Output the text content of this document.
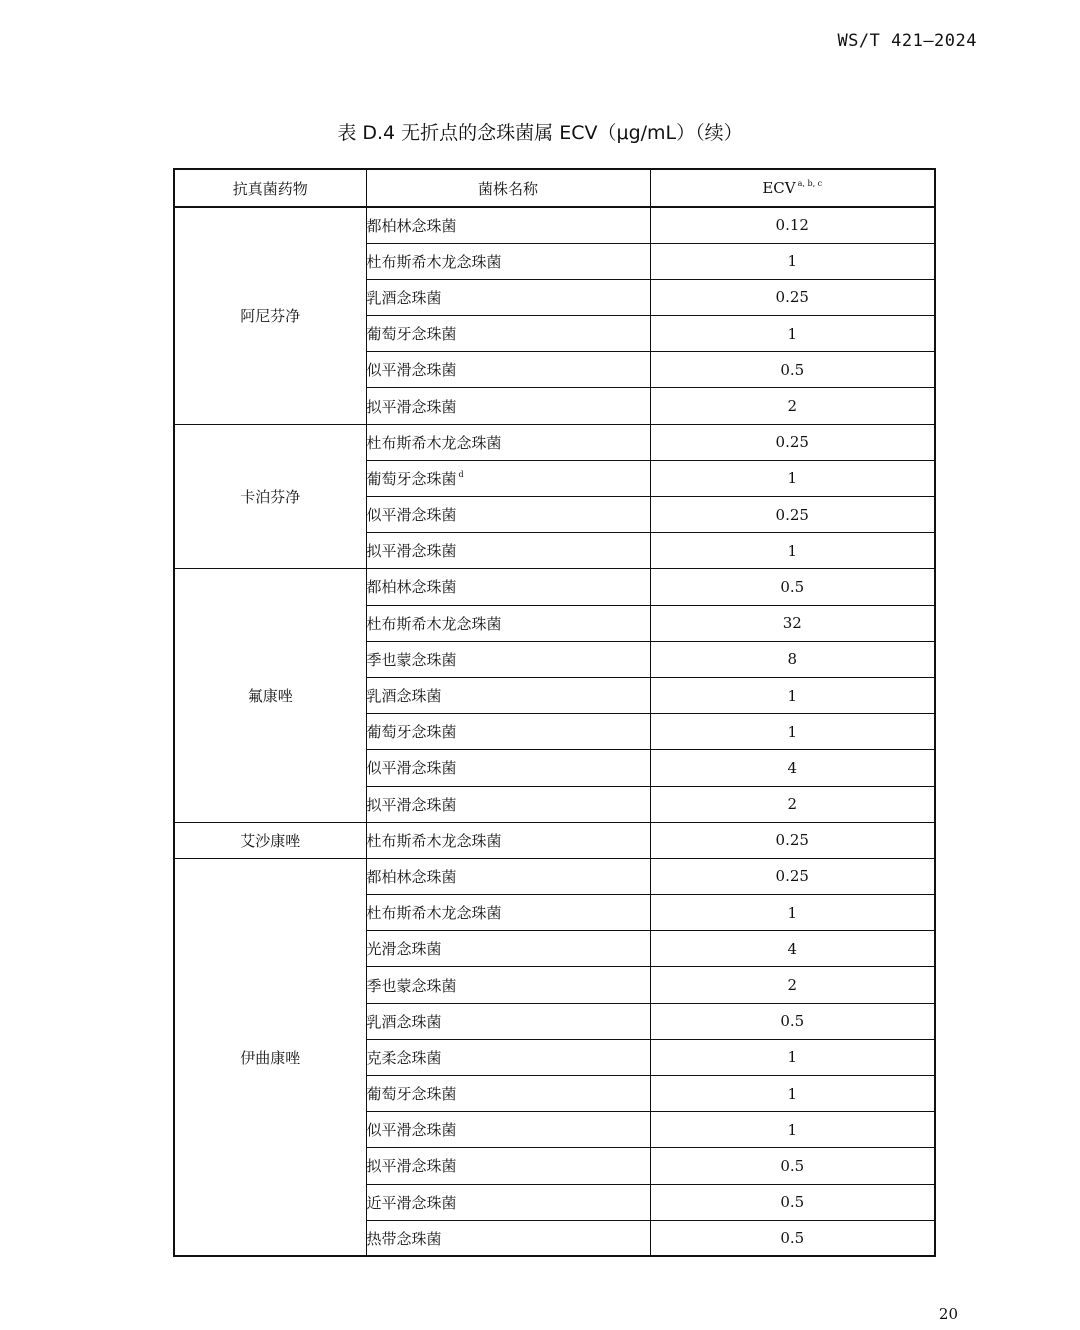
WS/T 421—2024
表 D.4 无折点的念珠菌属 ECV（μg/mL）（续）
抗真菌药物	菌株名称	ECV $^{a, b, c}$
阿尼芬净	都柏林念珠菌	0.12
	杜布斯希木龙念珠菌	1
	乳酒念珠菌	0.25
	葡萄牙念珠菌	1
	似平滑念珠菌	0.5
	拟平滑念珠菌	2
卡泊芬净	杜布斯希木龙念珠菌	0.25
	葡萄牙念珠菌 $^d$	1
	似平滑念珠菌	0.25
	拟平滑念珠菌	1
氟康唑	都柏林念珠菌	0.5
	杜布斯希木龙念珠菌	32
	季也蒙念珠菌	8
	乳酒念珠菌	1
	葡萄牙念珠菌	1
	似平滑念珠菌	4
	拟平滑念珠菌	2
艾沙康唑	杜布斯希木龙念珠菌	0.25
伊曲康唑	都柏林念珠菌	0.25
	杜布斯希木龙念珠菌	1
	光滑念珠菌	4
	季也蒙念珠菌	2
	乳酒念珠菌	0.5
	克柔念珠菌	1
	葡萄牙念珠菌	1
	似平滑念珠菌	1
	拟平滑念珠菌	0.5
	近平滑念珠菌	0.5
	热带念珠菌	0.5
20
